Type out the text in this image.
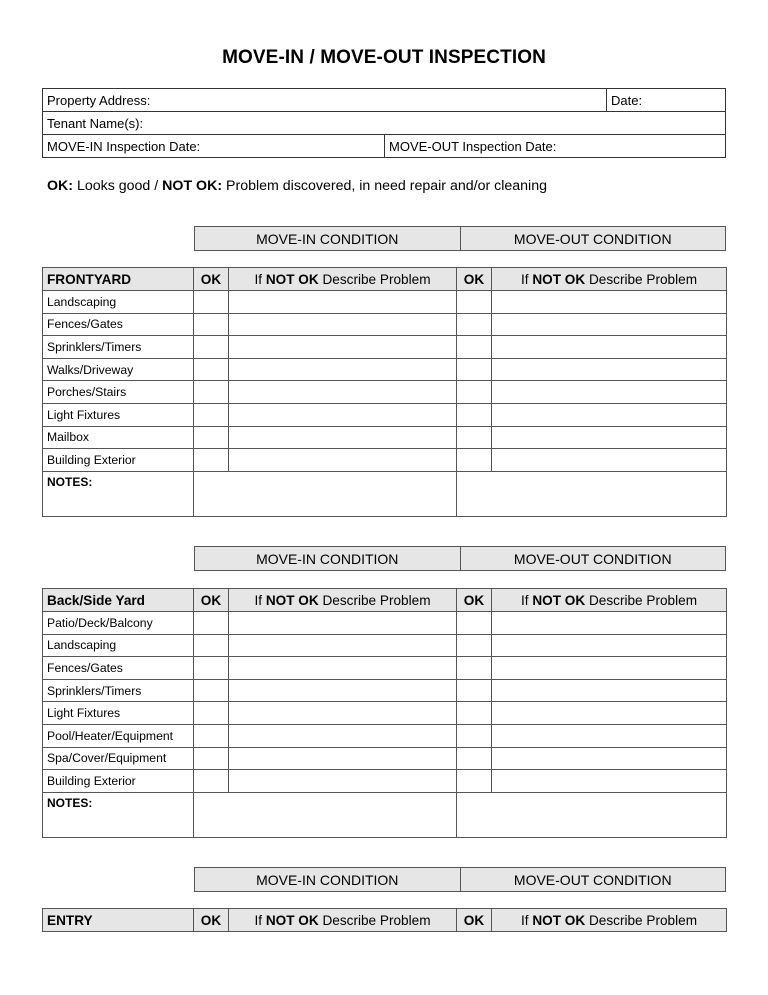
MOVE-IN / MOVE-OUT INSPECTION
Property Address:		Date:
Tenant Name(s):		
MOVE-IN Inspection Date:	MOVE-OUT Inspection Date:	
OK: Looks good / NOT OK: Problem discovered, in need repair and/or cleaning
MOVE-IN CONDITION	MOVE-OUT CONDITION
FRONTYARD	OK	If NOT OK Describe Problem	OK	If NOT OK Describe Problem
Landscaping				
Fences/Gates				
Sprinklers/Timers				
Walks/Driveway				
Porches/Stairs				
Light Fixtures				
Mailbox				
Building Exterior				
NOTES:				
MOVE-IN CONDITION	MOVE-OUT CONDITION
Back/Side Yard	OK	If NOT OK Describe Problem	OK	If NOT OK Describe Problem
Patio/Deck/Balcony				
Landscaping				
Fences/Gates				
Sprinklers/Timers				
Light Fixtures				
Pool/Heater/Equipment				
Spa/Cover/Equipment				
Building Exterior				
NOTES:				
MOVE-IN CONDITION	MOVE-OUT CONDITION
ENTRY	OK	If NOT OK Describe Problem	OK	If NOT OK Describe Problem
